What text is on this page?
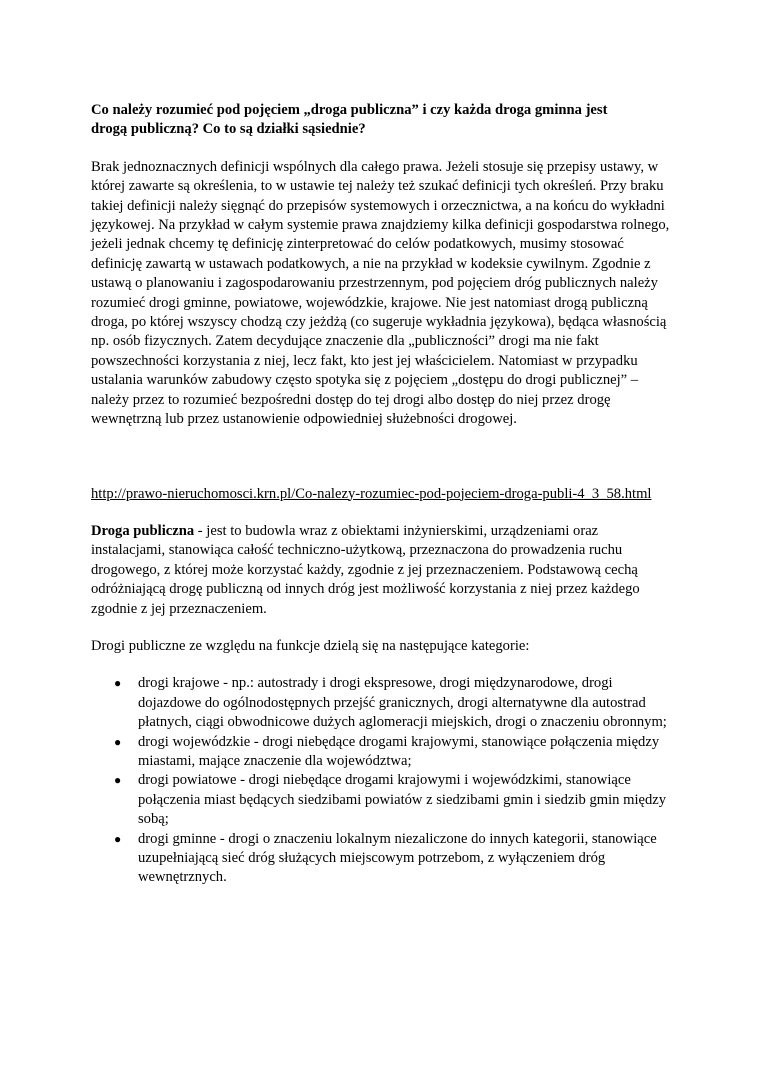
Co należy rozumieć pod pojęciem „droga publiczna” i czy każda droga gminna jest
drogą publiczną? Co to są działki sąsiednie?

Brak jednoznacznych definicji wspólnych dla całego prawa. Jeżeli stosuje się przepisy ustawy, w której zawarte są określenia, to w ustawie tej należy też szukać definicji tych określeń. Przy braku takiej definicji należy sięgnąć do przepisów systemowych i orzecznictwa, a na końcu do wykładni językowej. Na przykład w całym systemie prawa znajdziemy kilka definicji gospodarstwa rolnego, jeżeli jednak chcemy tę definicję zinterpretować do celów podatkowych, musimy stosować definicję zawartą w ustawach podatkowych, a nie na przykład w kodeksie cywilnym. Zgodnie z ustawą o planowaniu i zagospodarowaniu przestrzennym, pod pojęciem dróg publicznych należy rozumieć drogi gminne, powiatowe, wojewódzkie, krajowe. Nie jest natomiast drogą publiczną droga, po której wszyscy chodzą czy jeżdżą (co sugeruje wykładnia językowa), będąca własnością np. osób fizycznych. Zatem decydujące znaczenie dla „publiczności” drogi ma nie fakt powszechności korzystania z niej, lecz fakt, kto jest jej właścicielem. Natomiast w przypadku ustalania warunków zabudowy często spotyka się z pojęciem „dostępu do drogi publicznej” – należy przez to rozumieć bezpośredni dostęp do tej drogi albo dostęp do niej przez drogę wewnętrzną lub przez ustanowienie odpowiedniej służebności drogowej.

http://prawo-nieruchomosci.krn.pl/Co-nalezy-rozumiec-pod-pojeciem-droga-publi-4_3_58.html

Droga publiczna - jest to budowla wraz z obiektami inżynierskimi, urządzeniami oraz instalacjami, stanowiąca całość techniczno-użytkową, przeznaczona do prowadzenia ruchu drogowego, z której może korzystać każdy, zgodnie z jej przeznaczeniem. Podstawową cechą odróżniającą drogę publiczną od innych dróg jest możliwość korzystania z niej przez każdego zgodnie z jej przeznaczeniem.

Drogi publiczne ze względu na funkcje dzielą się na następujące kategorie:

● drogi krajowe - np.: autostrady i drogi ekspresowe, drogi międzynarodowe, drogi dojazdowe do ogólnodostępnych przejść granicznych, drogi alternatywne dla autostrad płatnych, ciągi obwodnicowe dużych aglomeracji miejskich, drogi o znaczeniu obronnym;
● drogi wojewódzkie - drogi niebędące drogami krajowymi, stanowiące połączenia między miastami, mające znaczenie dla województwa;
● drogi powiatowe - drogi niebędące drogami krajowymi i wojewódzkimi, stanowiące połączenia miast będących siedzibami powiatów z siedzibami gmin i siedzib gmin między sobą;
● drogi gminne - drogi o znaczeniu lokalnym niezaliczone do innych kategorii, stanowiące uzupełniającą sieć dróg służących miejscowym potrzebom, z wyłączeniem dróg wewnętrznych.
